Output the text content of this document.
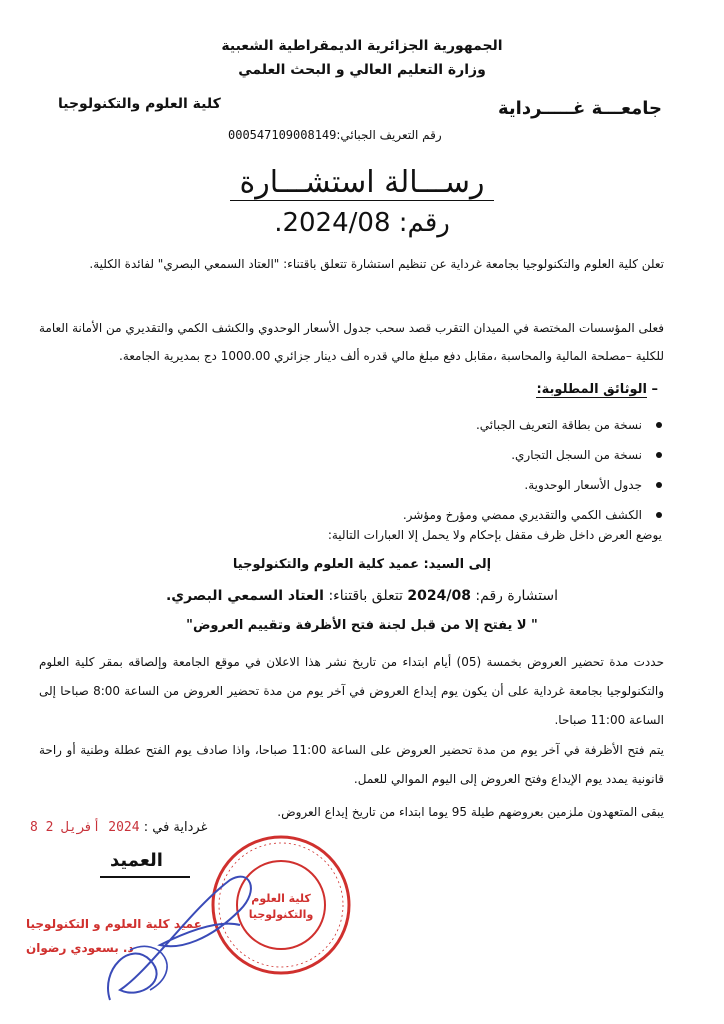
الجمهورية الجزائرية الديمقراطية الشعبية
وزارة التعليم العالي و البحث العلمي
جامعـــة غـــــرداية
كلية العلوم والتكنولوجيا
رقم التعريف الجبائي:000547109008149
رســـالة استشـــارة
رقم: 2024/08.
تعلن كلية العلوم والتكنولوجيا بجامعة غرداية عن تنظيم استشارة تتعلق باقتناء: "العتاد السمعي البصري" لفائدة الكلية.
فعلى المؤسسات المختصة في الميدان التقرب قصد سحب جدول الأسعار الوحدوي والكشف الكمي والتقديري من الأمانة العامة للكلية –مصلحة المالية والمحاسبة ،مقابل دفع مبلغ مالي قدره ألف دينار جزائري 1000.00 دج بمديرية الجامعة.
– الوثائق المطلوبة:
نسخة من بطاقة التعريف الجبائي.
نسخة من السجل التجاري.
جدول الأسعار الوحدوية.
الكشف الكمي والتقديري ممضي ومؤرخ ومؤشر.
يوضع العرض داخل ظرف مقفل بإحكام ولا يحمل إلا العبارات التالية:
إلى السيد: عميد كلية العلوم والتكنولوجيا
استشارة رقم: 2024/08 تتعلق باقتناء: العتاد السمعي البصري.
" لا يفتح إلا من قبل لجنة فتح الأظرفة وتقييم العروض"
حددت مدة تحضير العروض بخمسة (05) أيام ابتداء من تاريخ نشر هذا الاعلان في موقع الجامعة وإلصاقه بمقر كلية العلوم والتكنولوجيا بجامعة غرداية على أن يكون يوم إيداع العروض في آخر يوم من مدة تحضير العروض من الساعة 8:00 صباحا إلى الساعة 11:00 صباحا.
يتم فتح الأظرفة في آخر يوم من مدة تحضير العروض على الساعة 11:00 صباحا، واذا صادف يوم الفتح عطلة وطنية أو راحة قانونية يمدد يوم الإيداع وفتح العروض إلى اليوم الموالي للعمل.
يبقى المتعهدون ملزمين بعروضهم طيلة 95 يوما ابتداء من تاريخ إيداع العروض.
غرداية في : 2024 أفريل 2 8
العميد
كلية العلوم
والتكنولوجيا
عميد كلية العلوم و التكنولوجيا
د. بسعودي رضوان
